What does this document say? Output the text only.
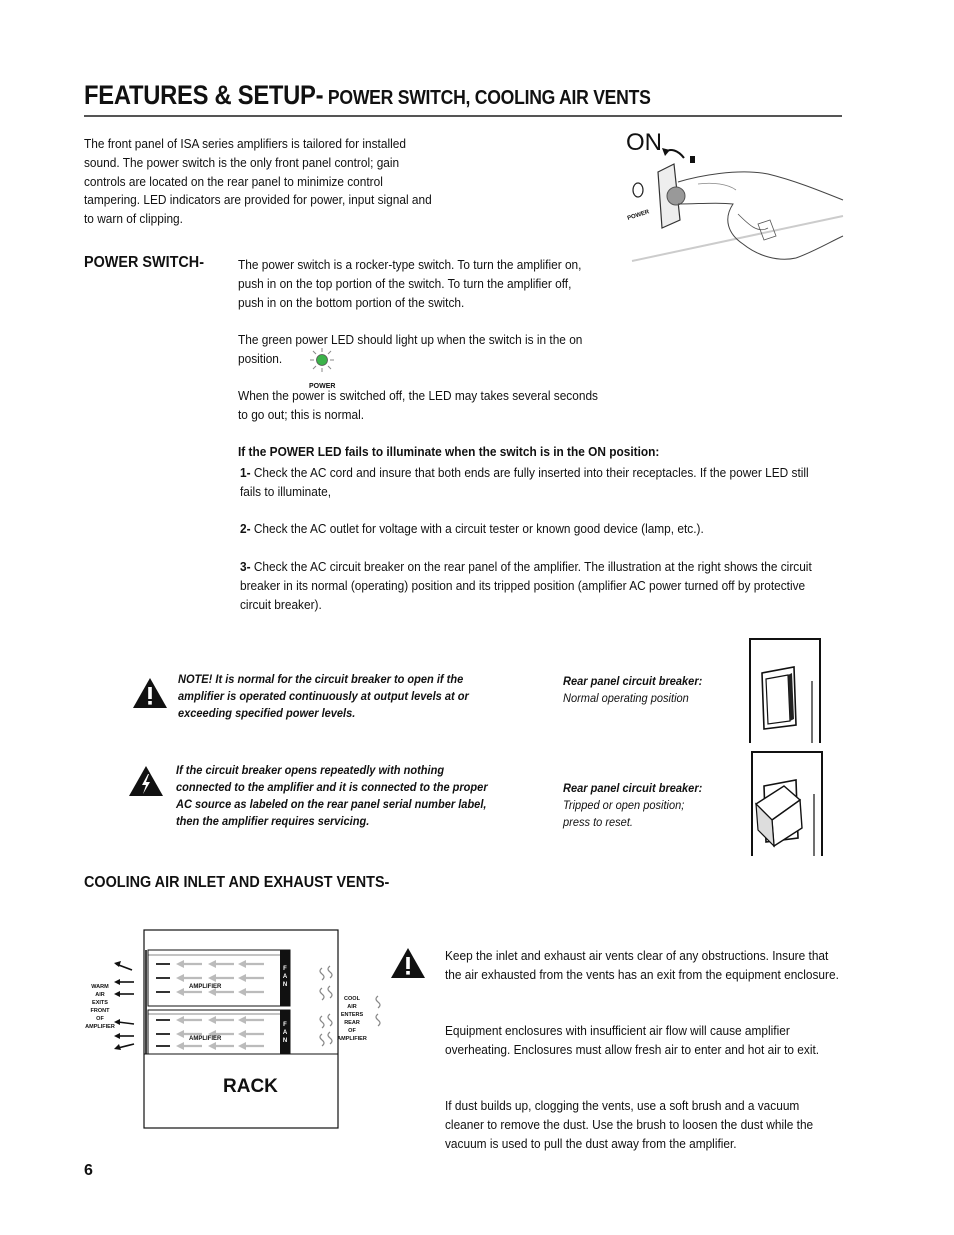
FEATURES & SETUP- POWER SWITCH, COOLING AIR VENTS
The front panel of ISA series amplifiers is tailored for installed sound. The power switch is the only front panel control; gain controls are located on the rear panel to minimize control tampering. LED indicators are provided for power, input signal and to warn of clipping.
ON
POWER
POWER SWITCH-	The power switch is a rocker-type switch. To turn the amplifier on, push in on the top portion of the switch. To turn the amplifier off, push in on the bottom portion of the switch.
The green power LED should light up when the switch is in the on position.
POWER
When the power is switched off, the LED may takes several seconds to go out; this is normal.
If the POWER LED fails to illuminate when the switch is in the ON position:
1- Check the AC cord and insure that both ends are fully inserted into their receptacles. If the power LED still fails to illuminate,
2- Check the AC outlet for voltage with a circuit tester or known good device (lamp, etc.).
3- Check the AC circuit breaker on the rear panel of the amplifier. The illustration at the right shows the circuit breaker in its normal (operating) position and its tripped position (amplifier AC power turned off by protective circuit breaker).
NOTE! It is normal for the circuit breaker to open if the amplifier is operated continuously at output levels at or exceeding specified power levels.
If the circuit breaker opens repeatedly with nothing connected to the amplifier and it is connected to the proper AC source as labeled on the rear panel serial number label, then the amplifier requires servicing.
Rear panel circuit breaker:
Normal operating position
Rear panel circuit breaker:
Tripped or open position;
press to reset.
COOLING AIR INLET AND EXHAUST VENTS-
AMPLIFIER
AMPLIFIER
F
A
N
F
A
N
WARM
AIR
EXITS
FRONT
OF
AMPLIFIER
COOL
AIR
ENTERS
REAR
OF
AMPLIFIER
RACK
Keep the inlet and exhaust air vents clear of any obstructions. Insure that the air exhausted from the vents has an exit from the equipment enclosure.
Equipment enclosures with insufficient air flow will cause amplifier overheating. Enclosures must allow fresh air to enter and hot air to exit.
If dust builds up, clogging the vents, use a soft brush and a vacuum cleaner to remove the dust. Use the brush to loosen the dust while the vacuum is used to pull the dust away from the amplifier.
6
